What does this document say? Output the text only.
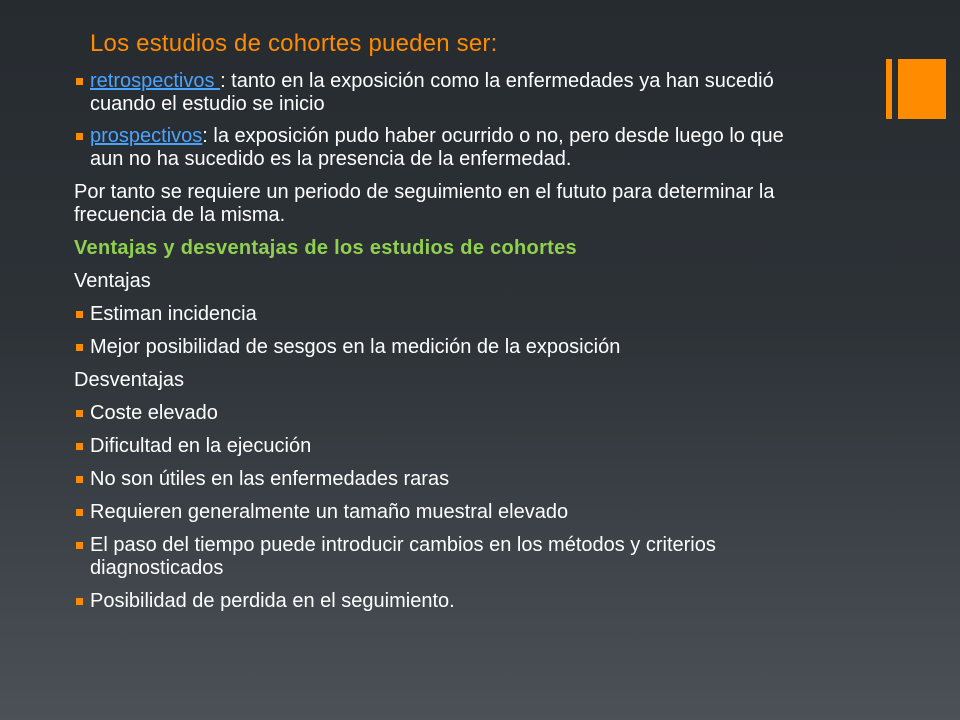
Los estudios de cohortes pueden ser:

retrospectivos : tanto en la exposición como la enfermedades ya han sucedió cuando el estudio se inicio

prospectivos: la exposición pudo haber ocurrido o no, pero desde luego lo que aun no ha sucedido es la presencia de la enfermedad.

Por tanto se requiere un periodo de seguimiento en el fututo para determinar la frecuencia de la misma.

Ventajas y desventajas de los estudios de cohortes

Ventajas

Estiman incidencia

Mejor posibilidad de sesgos en la medición de la exposición

Desventajas

Coste elevado

Dificultad en la ejecución

No son útiles en las enfermedades raras

Requieren generalmente un tamaño muestral elevado

El paso del tiempo puede introducir cambios en los métodos y criterios diagnosticados

Posibilidad de perdida en el seguimiento.
